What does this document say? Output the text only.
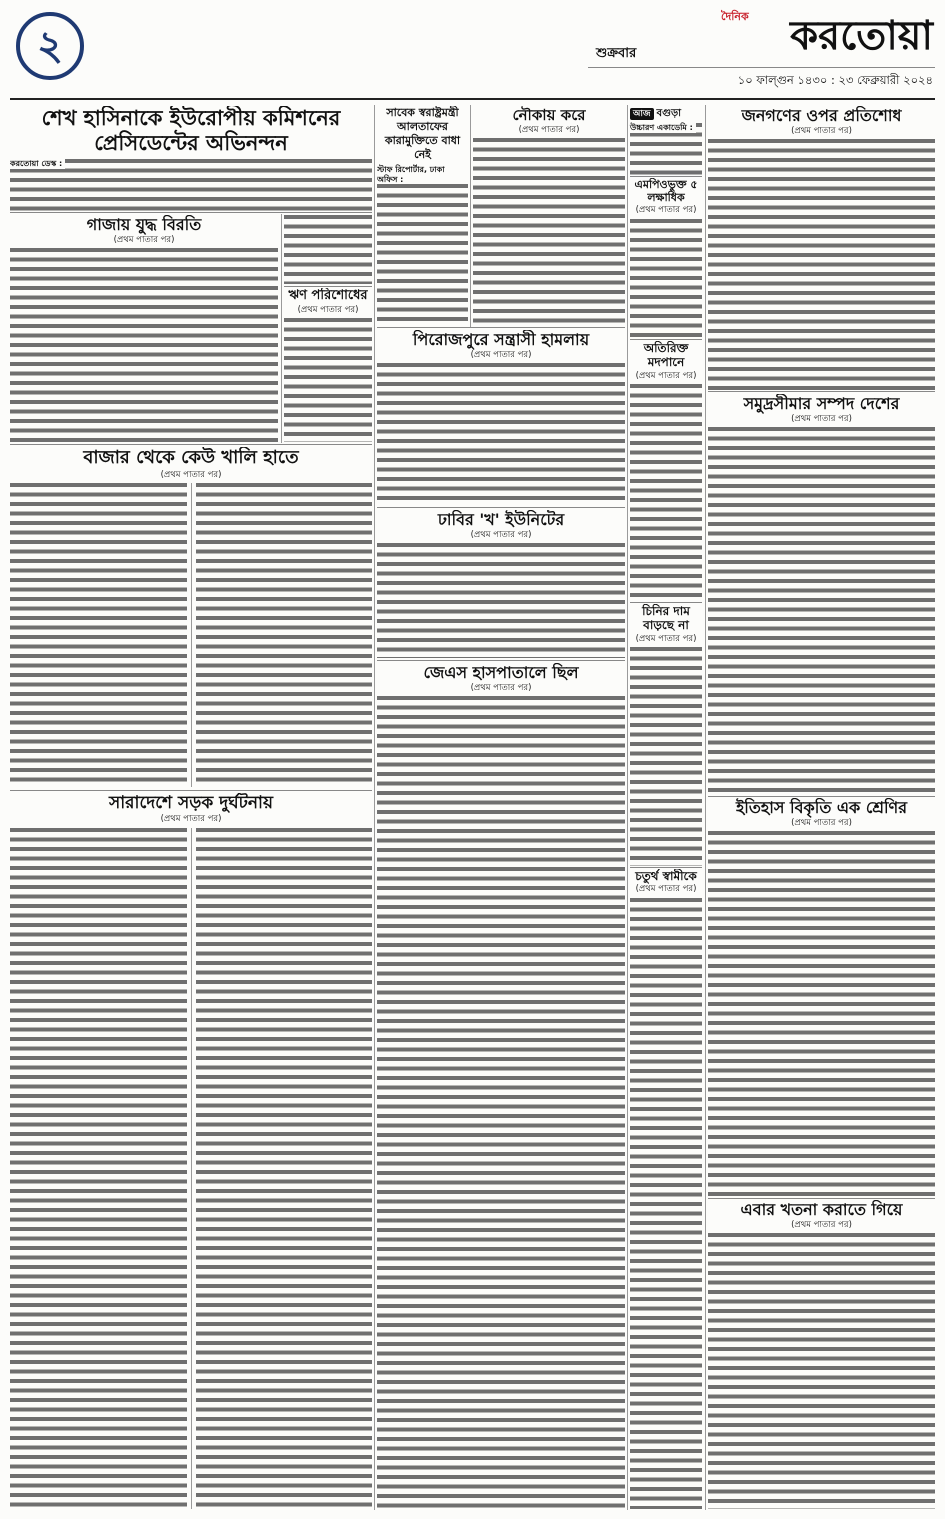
২	শুক্রবার
দৈনিক করতোয়া
১০ ফাল্গুন ১৪৩০ : ২৩ ফেব্রুয়ারী ২০২৪
শেখ হাসিনাকে ইউরোপীয় কমিশনের
প্রেসিডেন্টের অভিনন্দন
করতোয়া ডেস্ক :
গাজায় যুদ্ধ বিরতি
(প্রথম পাতার পর)
ঋণ পরিশোধের
(প্রথম পাতার পর)
বাজার থেকে কেউ খালি হাতে
(প্রথম পাতার পর)
সারাদেশে সড়ক দুর্ঘটনায়
(প্রথম পাতার পর)
সাবেক স্বরাষ্ট্রমন্ত্রী আলতাফের
কারামুক্তিতে বাধা নেই
স্টাফ রিপোর্টার, ঢাকা অফিস :
নৌকায় করে
(প্রথম পাতার পর)
পিরোজপুরে সন্ত্রাসী হামলায়
(প্রথম পাতার পর)
ঢাবির 'খ' ইউনিটের
(প্রথম পাতার পর)
জেএস হাসপাতালে ছিল
(প্রথম পাতার পর)
আজ বগুড়া
উচ্চারণ একাডেমি :
এমপিওভুক্ত ৫ লক্ষাধিক
(প্রথম পাতার পর)
অতিরিক্ত মদপানে
(প্রথম পাতার পর)
চিনির দাম বাড়ছে না
(প্রথম পাতার পর)
চতুর্থ স্বামীকে
(প্রথম পাতার পর)
জনগণের ওপর প্রতিশোধ
(প্রথম পাতার পর)
সমুদ্রসীমার সম্পদ দেশের
(প্রথম পাতার পর)
ইতিহাস বিকৃতি এক শ্রেণির
(প্রথম পাতার পর)
এবার খতনা করাতে গিয়ে
(প্রথম পাতার পর)
